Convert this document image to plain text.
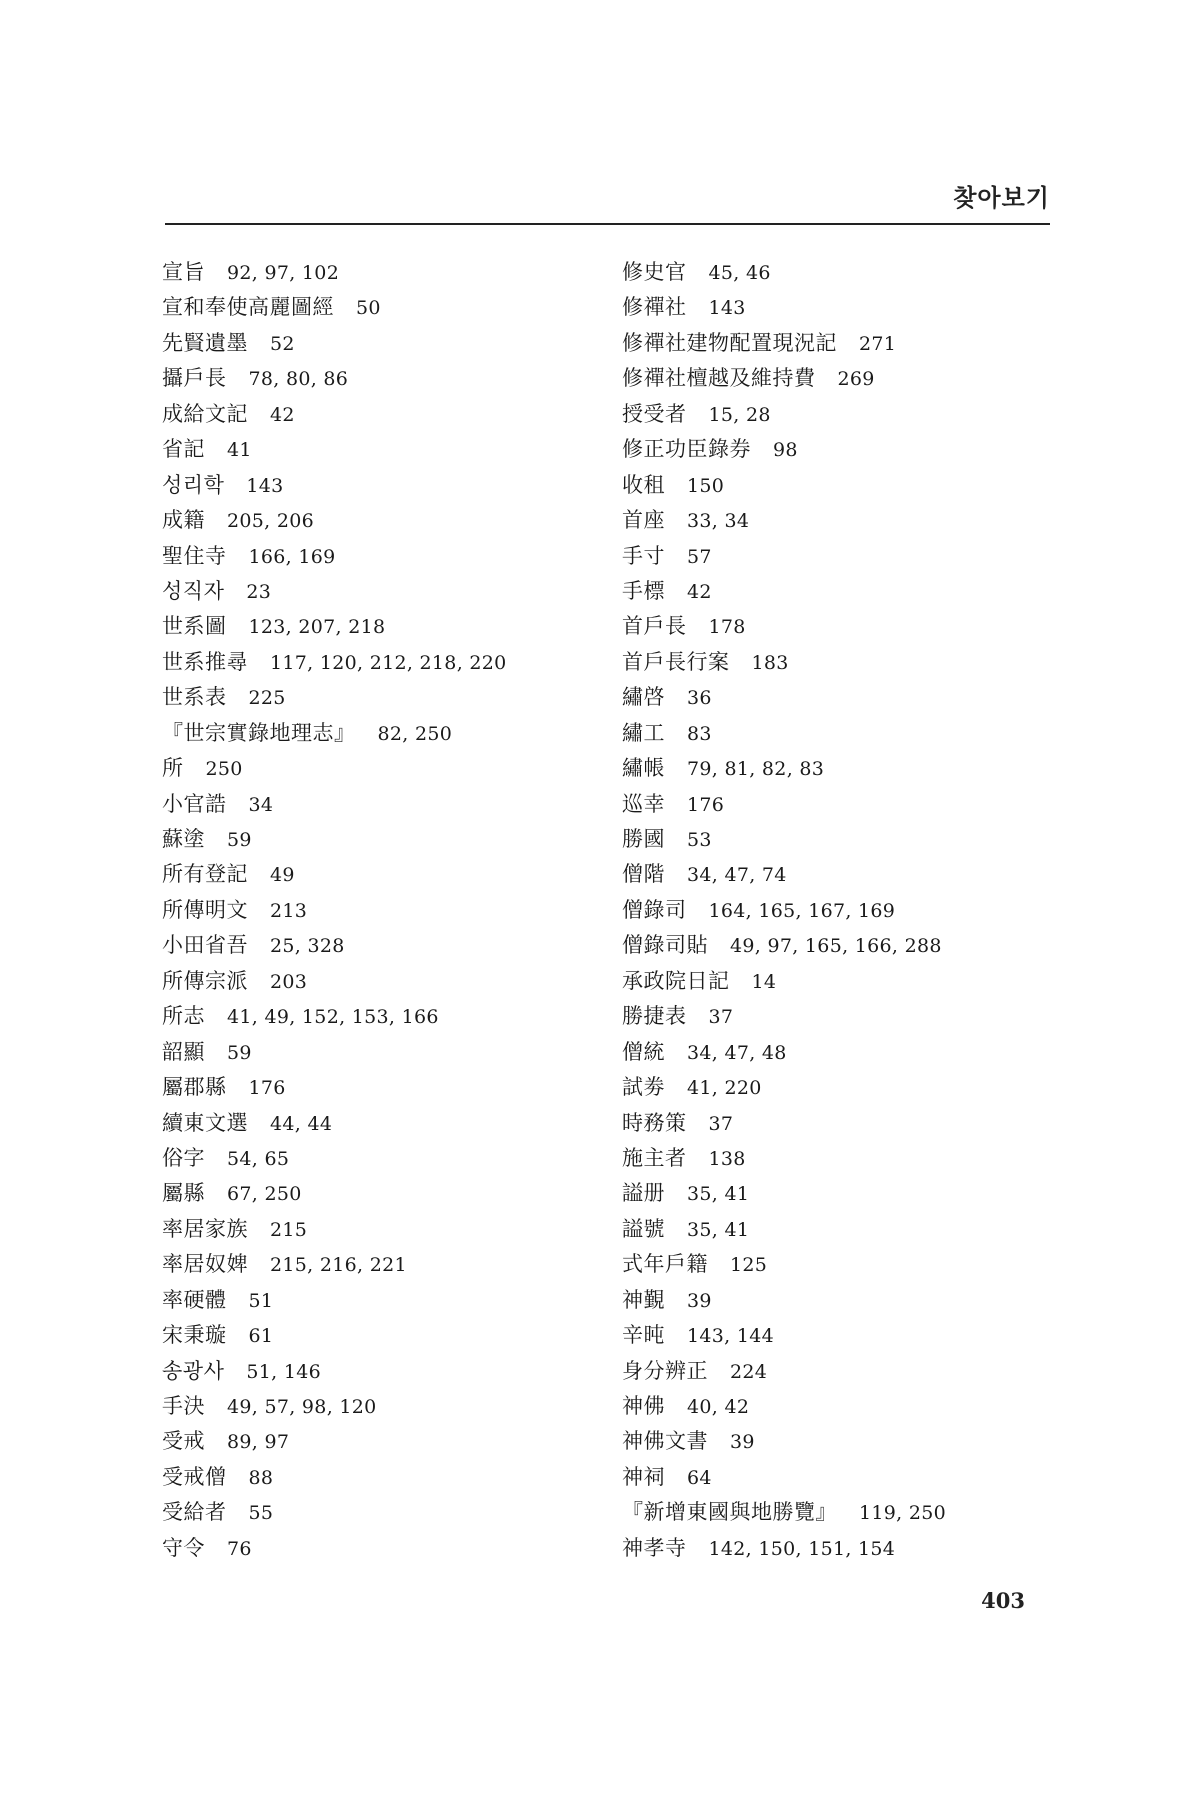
찾아보기
宣旨 92, 97, 102
宣和奉使高麗圖經 50
先賢遺墨 52
攝戶長 78, 80, 86
成給文記 42
省記 41
성리학 143
成籍 205, 206
聖住寺 166, 169
성직자 23
世系圖 123, 207, 218
世系推尋 117, 120, 212, 218, 220
世系表 225
『世宗實錄地理志』 82, 250
所 250
小官誥 34
蘇塗 59
所有登記 49
所傳明文 213
小田省吾 25, 328
所傳宗派 203
所志 41, 49, 152, 153, 166
韶顯 59
屬郡縣 176
續東文選 44, 44
俗字 54, 65
屬縣 67, 250
率居家族 215
率居奴婢 215, 216, 221
率硬體 51
宋秉璇 61
송광사 51, 146
手決 49, 57, 98, 120
受戒 89, 97
受戒僧 88
受給者 55
守令 76
修史官 45, 46
修禪社 143
修禪社建物配置現況記 271
修禪社檀越及維持費 269
授受者 15, 28
修正功臣錄券 98
收租 150
首座 33, 34
手寸 57
手標 42
首戶長 178
首戶長行案 183
繡啓 36
繡工 83
繡帳 79, 81, 82, 83
巡幸 176
勝國 53
僧階 34, 47, 74
僧錄司 164, 165, 167, 169
僧錄司貼 49, 97, 165, 166, 288
承政院日記 14
勝捷表 37
僧統 34, 47, 48
試劵 41, 220
時務策 37
施主者 138
謚册 35, 41
謚號 35, 41
式年戶籍 125
神覲 39
辛旽 143, 144
身分辨正 224
神佛 40, 42
神佛文書 39
神祠 64
『新增東國與地勝覽』 119, 250
神孝寺 142, 150, 151, 154
403
